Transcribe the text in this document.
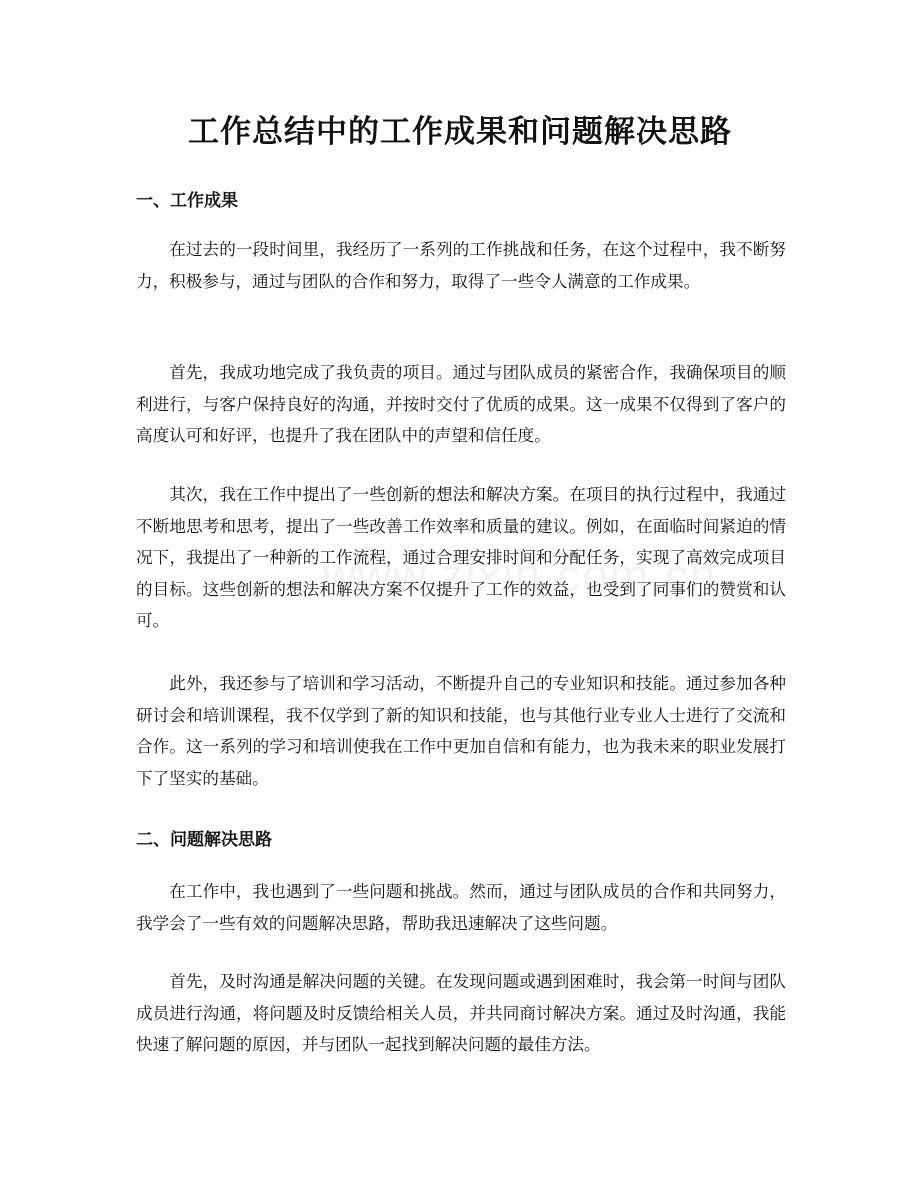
工作总结中的工作成果和问题解决思路
一、工作成果

在过去的一段时间里，我经历了一系列的工作挑战和任务，在这个过程中，我不断努力，积极参与，通过与团队的合作和努力，取得了一些令人满意的工作成果。

首先，我成功地完成了我负责的项目。通过与团队成员的紧密合作，我确保项目的顺利进行，与客户保持良好的沟通，并按时交付了优质的成果。这一成果不仅得到了客户的高度认可和好评，也提升了我在团队中的声望和信任度。

其次，我在工作中提出了一些创新的想法和解决方案。在项目的执行过程中，我通过不断地思考和思考，提出了一些改善工作效率和质量的建议。例如，在面临时间紧迫的情况下，我提出了一种新的工作流程，通过合理安排时间和分配任务，实现了高效完成项目的目标。这些创新的想法和解决方案不仅提升了工作的效益，也受到了同事们的赞赏和认可。

此外，我还参与了培训和学习活动，不断提升自己的专业知识和技能。通过参加各种研讨会和培训课程，我不仅学到了新的知识和技能，也与其他行业专业人士进行了交流和合作。这一系列的学习和培训使我在工作中更加自信和有能力，也为我未来的职业发展打下了坚实的基础。

二、问题解决思路

在工作中，我也遇到了一些问题和挑战。然而，通过与团队成员的合作和共同努力，我学会了一些有效的问题解决思路，帮助我迅速解决了这些问题。

首先，及时沟通是解决问题的关键。在发现问题或遇到困难时，我会第一时间与团队成员进行沟通，将问题及时反馈给相关人员，并共同商讨解决方案。通过及时沟通，我能快速了解问题的原因，并与团队一起找到解决问题的最佳方法。
